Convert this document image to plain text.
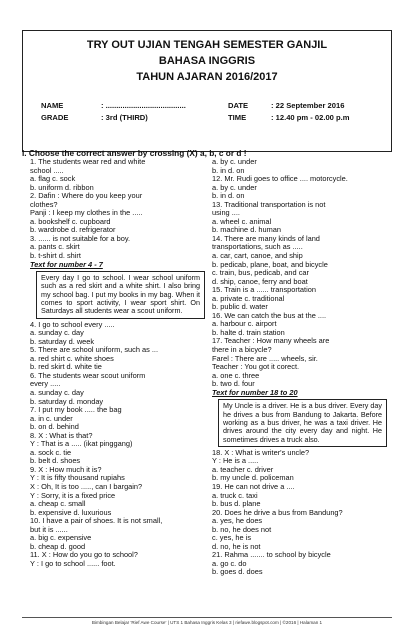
TRY OUT UJIAN TENGAH SEMESTER GANJIL
BAHASA INGGRIS
TAHUN AJARAN 2016/2017
NAME	: ......................................
GRADE	: 3rd (THIRD)
DATE	: 22 September 2016
TIME	: 12.40 pm - 02.00 p.m
I. Choose the correct answer by crossing (X) a, b, c or d !
1. The students wear red and white
school .....
a. flag c. sock
b. uniform d. ribbon
2. Dafin : Where do you keep your
clothes?
Panji : I keep my clothes in the .....
a. bookshelf c. cupboard
b. wardrobe d. refrigerator
3. ...... is not suitable for a boy.
a. pants c. skirt
b. t-shirt d. shirt
Text for number 4 - 7
Every day I go to school. I wear school uniform such as a red skirt and a white shirt. I also bring my school bag. I put my books in my bag. When it comes to sport activity, I wear sport shirt. On Saturdays all students wear a scout uniform.
4. I go to school every .....
a. sunday c. day
b. saturday d. week
5. There are school uniform, such as ...
a. red shirt c. white shoes
b. red skirt d. white tie
6. The students wear scout uniform
every .....
a. sunday c. day
b. saturday d. monday
7. I put my book ..... the bag
a. in c. under
b. on d. behind
8. X : What is that?
Y : That is a ..... (ikat pinggang)
a. sock c. tie
b. belt d. shoes
9. X : How much it is?
Y : It is fifty thousand rupiahs
X : Oh, It is too ....., can I bargain?
Y : Sorry, it is a fixed price
a. cheap c. small
b. expensive d. luxurious
10. I have a pair of shoes. It is not small,
but it is ......
a. big c. expensive
b. cheap d. good
11. X : How do you go to school?
Y : I go to school ...... foot.
a. by c. under
b. in d. on
12. Mr. Rudi goes to office .... motorcycle.
a. by c. under
b. in d. on
13. Traditional transportation is not
using ....
a. wheel c. animal
b. machine d. human
14. There are many kinds of land
transportations, such as .....
a. car, cart, canoe, and ship
b. pedicab, plane, boat, and bicycle
c. train, bus, pedicab, and car
d. ship, canoe, ferry and boat
15. Train is a ...... transportation
a. private c. traditional
b. public d. water
16. We can catch the bus at the ....
a. harbour c. airport
b. halte d. train station
17. Teacher : How many wheels are
there in a bicycle?
Farel : There are ..... wheels, sir.
Teacher : You got it corect.
a. one c. three
b. two d. four
Text for number 18 to 20
My Uncle is a driver. He is a bus driver. Every day he drives a bus from Bandung to Jakarta. Before working as a bus driver, he was a taxi driver. He drives around the city every day and night. He sometimes drives a truck also.
18. X : What is writer's uncle?
Y : He is a .....
a. teacher c. driver
b. my uncle d. policeman
19. He can not drive a ....
a. truck c. taxi
b. bus d. plane
20. Does he drive a bus from Bandung?
a. yes, he does
b. no, he does not
c. yes, he is
d. no, he is not
21. Rahma ....... to school by bicycle
a. go c. do
b. goes d. does
Bimbingan Belajar 'Rief Awe Course' | UTS 1 Bahasa Inggris Kelas 3 | riefawe.blogspot.com | ©2016 | Halaman 1
